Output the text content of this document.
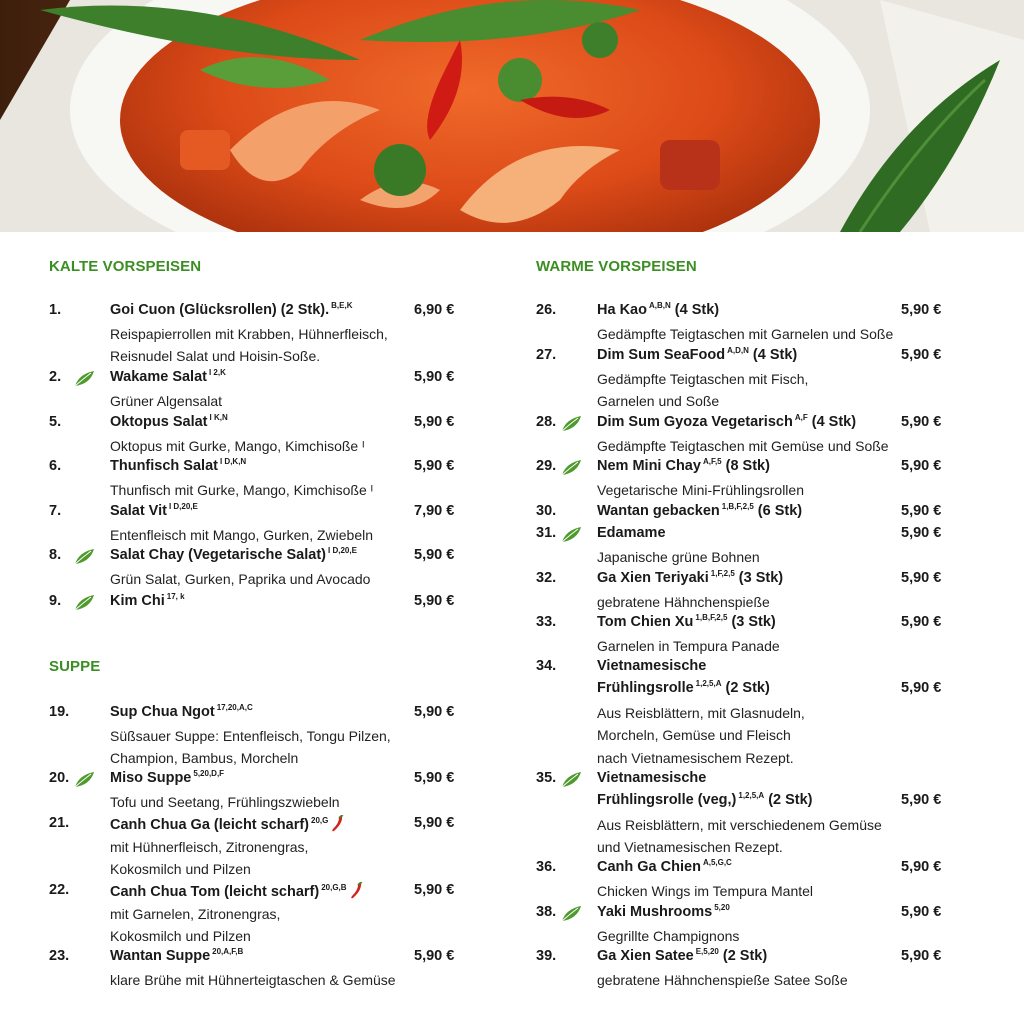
KALTE VORSPEISEN
1.	Goi Cuon (Glücksrollen) (2 Stk). $^{B,E,K}$	6,90 €
Reispapierrollen mit Krabben, Hühnerfleisch,
Reisnudel Salat und Hoisin-Soße.
2.	Wakame Salat $^{I 2,K}$	5,90 €
Grüner Algensalat
5.	Oktopus Salat $^{I K,N}$	5,90 €
Oktopus mit Gurke, Mango, Kimchisoße ᴵ
6.	Thunfisch Salat $^{I D,K,N}$	5,90 €
Thunfisch mit Gurke, Mango, Kimchisoße ᴵ
7.	Salat Vit $^{I D,20,E}$	7,90 €
Entenfleisch mit Mango, Gurken, Zwiebeln
8.	Salat Chay (Vegetarische Salat) $^{I D,20,E}$	5,90 €
Grün Salat, Gurken, Paprika und Avocado
9.	Kim Chi $^{17, k}$	5,90 €
SUPPE
19.	Sup Chua Ngot $^{17,20,A,C}$	5,90 €
Süßsauer Suppe: Entenfleisch, Tongu Pilzen,
Champion, Bambus, Morcheln
20.	Miso Suppe $^{5,20,D,F}$	5,90 €
Tofu und Seetang, Frühlingszwiebeln
21.	Canh Chua Ga (leicht scharf) $^{20,G}$	5,90 €
mit Hühnerfleisch, Zitronengras,
Kokosmilch und Pilzen
22.	Canh Chua Tom (leicht scharf) $^{20,G,B}$	5,90 €
mit Garnelen, Zitronengras,
Kokosmilch und Pilzen
23.	Wantan Suppe $^{20,A,F,B}$	5,90 €
klare Brühe mit Hühnerteigtaschen & Gemüse
WARME VORSPEISEN
26.	Ha Kao $^{A,B,N}$ (4 Stk)	5,90 €
Gedämpfte Teigtaschen mit Garnelen und Soße
27.	Dim Sum SeaFood $^{A,D,N}$ (4 Stk)	5,90 €
Gedämpfte Teigtaschen mit Fisch,
Garnelen und Soße
28.	Dim Sum Gyoza Vegetarisch $^{A,F}$ (4 Stk)	5,90 €
Gedämpfte Teigtaschen mit Gemüse und Soße
29.	Nem Mini Chay $^{A,F,5}$ (8 Stk)	5,90 €
Vegetarische Mini-Frühlingsrollen
30.	Wantan gebacken $^{1,B,F,2,5}$ (6 Stk)	5,90 €
31.	Edamame	5,90 €
Japanische grüne Bohnen
32.	Ga Xien Teriyaki $^{1,F,2,5}$ (3 Stk)	5,90 €
gebratene Hähnchenspieße
33.	Tom Chien Xu $^{1,B,F,2,5}$ (3 Stk)	5,90 €
Garnelen in Tempura Panade
34.	Vietnamesische
Frühlingsrolle $^{1,2,5,A}$ (2 Stk)	5,90 €
Aus Reisblättern, mit Glasnudeln,
Morcheln, Gemüse und Fleisch
nach Vietnamesischem Rezept.
35.	Vietnamesische
Frühlingsrolle (veg,) $^{1,2,5,A}$ (2 Stk)	5,90 €
Aus Reisblättern, mit verschiedenem Gemüse
und Vietnamesischen Rezept.
36.	Canh Ga Chien $^{A,5,G,C}$	5,90 €
Chicken Wings im Tempura Mantel
38.	Yaki Mushrooms $^{5,20}$	5,90 €
Gegrillte Champignons
39.	Ga Xien Satee $^{E,5,20}$ (2 Stk)	5,90 €
gebratene Hähnchenspieße Satee Soße
